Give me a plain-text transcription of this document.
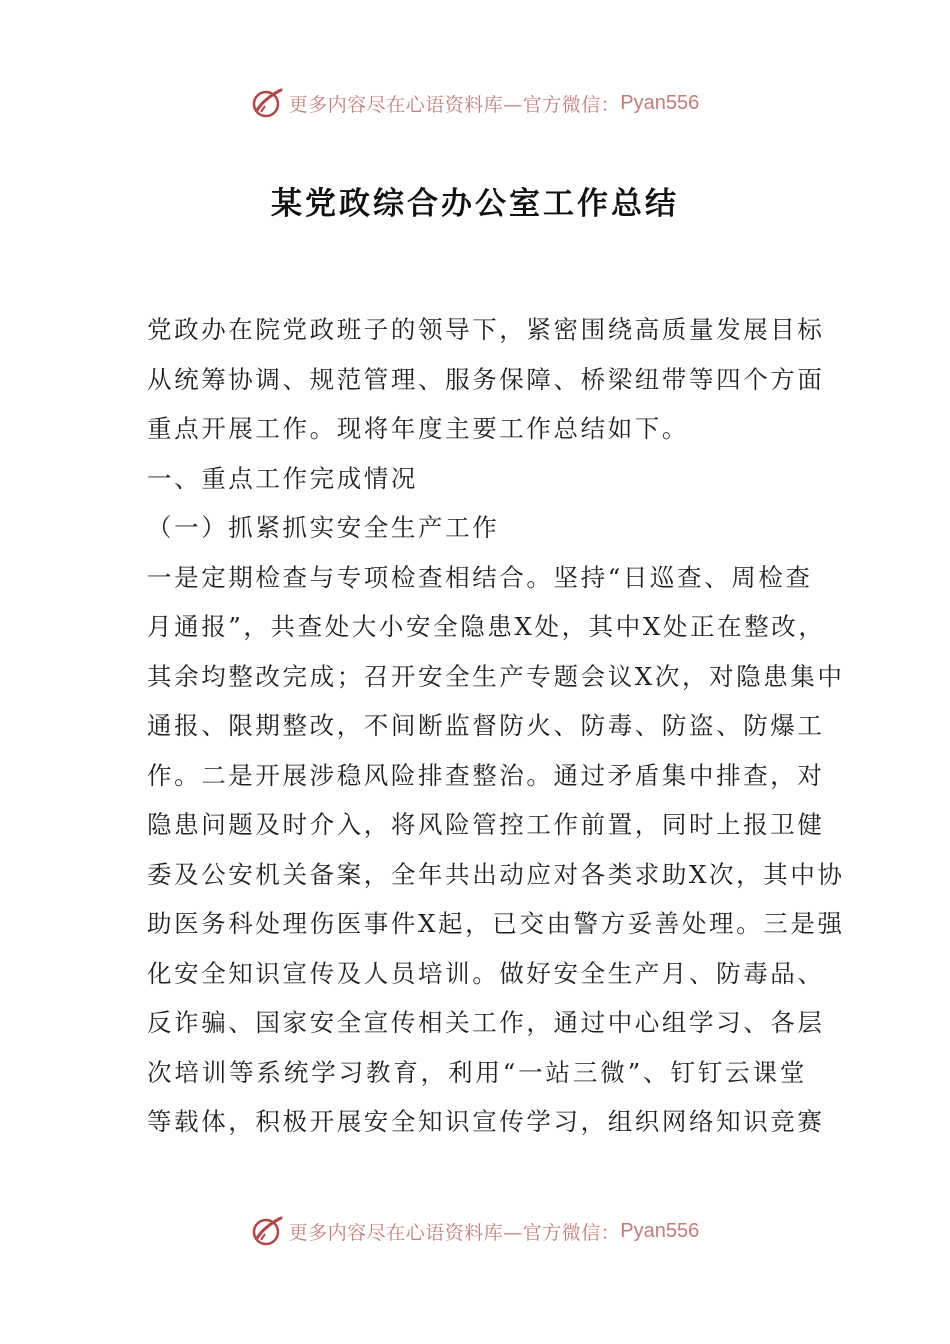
更多内容尽在心语资料库—官方微信： Pyan556
某党政综合办公室工作总结
党政办在院党政班子的领导下，紧密围绕高质量发展目标
从统筹协调、规范管理、服务保障、桥梁纽带等四个方面
重点开展工作。现将年度主要工作总结如下。
一、重点工作完成情况
（一）抓紧抓实安全生产工作
一是定期检查与专项检查相结合。坚持“日巡查、周检查
月通报”，共查处大小安全隐患X处，其中X处正在整改，
其余均整改完成；召开安全生产专题会议X次，对隐患集中
通报、限期整改，不间断监督防火、防毒、防盗、防爆工
作。二是开展涉稳风险排查整治。通过矛盾集中排查，对
隐患问题及时介入，将风险管控工作前置，同时上报卫健
委及公安机关备案，全年共出动应对各类求助X次，其中协
助医务科处理伤医事件X起，已交由警方妥善处理。三是强
化安全知识宣传及人员培训。做好安全生产月、防毒品、
反诈骗、国家安全宣传相关工作，通过中心组学习、各层
次培训等系统学习教育，利用“一站三微”、钉钉云课堂
等载体，积极开展安全知识宣传学习，组织网络知识竞赛
更多内容尽在心语资料库—官方微信： Pyan556
